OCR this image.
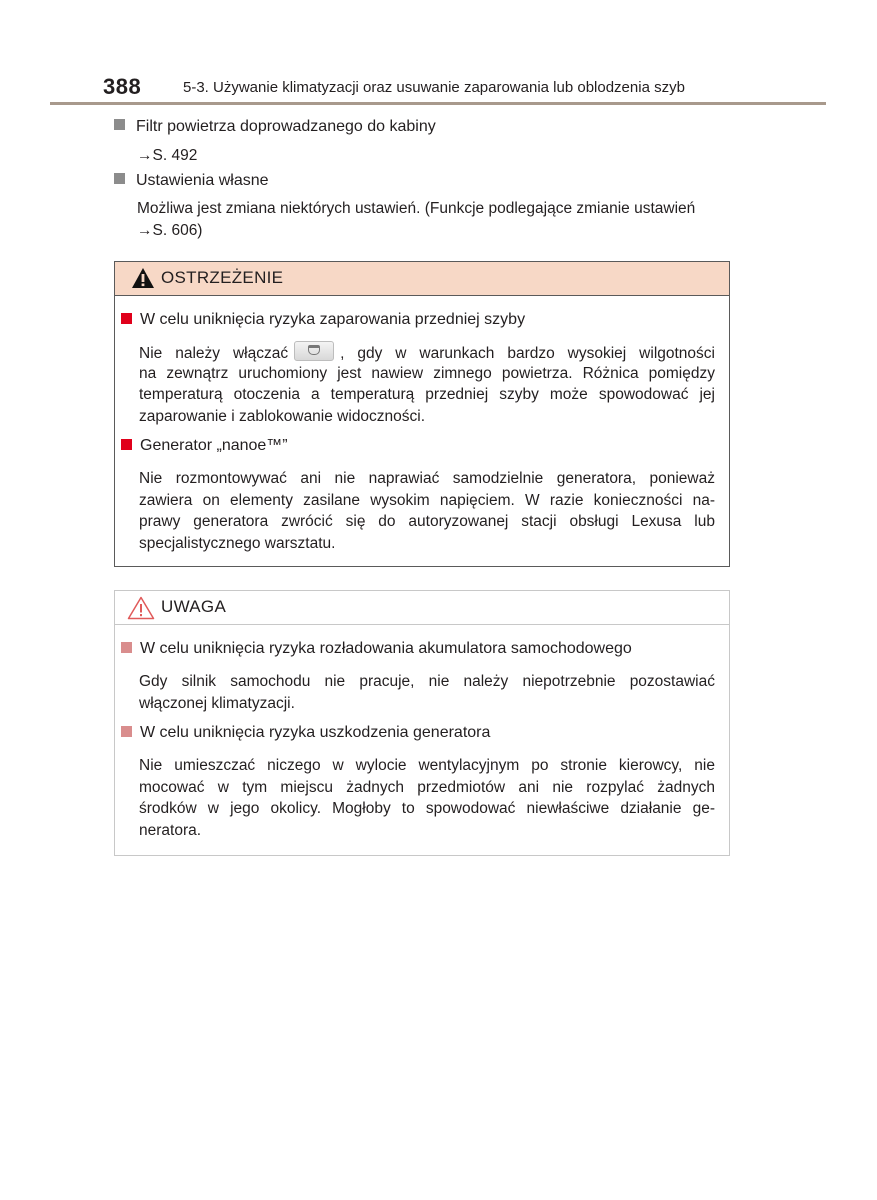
388	5-3. Używanie klimatyzacji oraz usuwanie zaparowania lub oblodzenia szyb
Filtr powietrza doprowadzanego do kabiny
→S. 492
Ustawienia własne
Możliwa jest zmiana niektórych ustawień. (Funkcje podlegające zmianie ustawień
→S. 606)
OSTRZEŻENIE
W celu uniknięcia ryzyka zaparowania przedniej szyby
Nie należy włączać	, gdy w warunkach bardzo wysokiej wilgotności
na zewnątrz uruchomiony jest nawiew zimnego powietrza. Różnica pomiędzy
temperaturą otoczenia a temperaturą przedniej szyby może spowodować jej
zaparowanie i zablokowanie widoczności.
Generator „nanoe™”
Nie rozmontowywać ani nie naprawiać samodzielnie generatora, ponieważ
zawiera on elementy zasilane wysokim napięciem. W razie konieczności na-
prawy generatora zwrócić się do autoryzowanej stacji obsługi Lexusa lub
specjalistycznego warsztatu.
UWAGA
W celu uniknięcia ryzyka rozładowania akumulatora samochodowego
Gdy silnik samochodu nie pracuje, nie należy niepotrzebnie pozostawiać
włączonej klimatyzacji.
W celu uniknięcia ryzyka uszkodzenia generatora
Nie umieszczać niczego w wylocie wentylacyjnym po stronie kierowcy, nie
mocować w tym miejscu żadnych przedmiotów ani nie rozpylać żadnych
środków w jego okolicy. Mogłoby to spowodować niewłaściwe działanie ge-
neratora.
